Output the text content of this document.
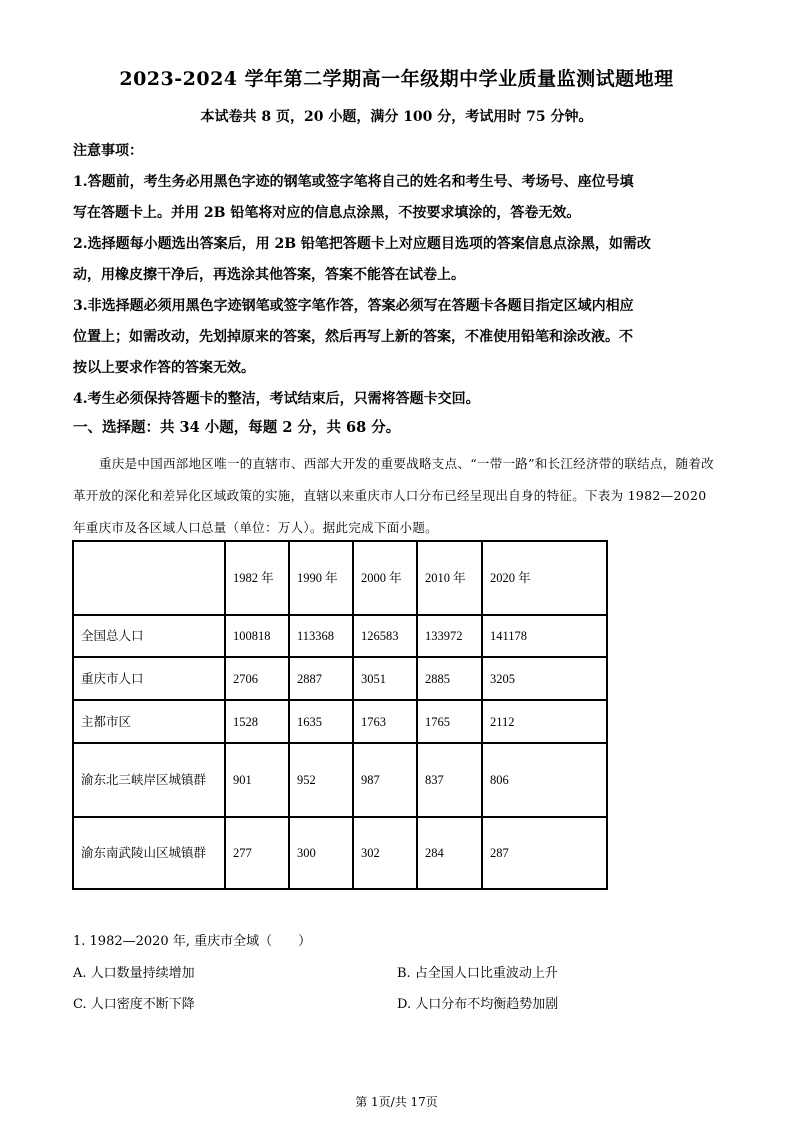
2023-2024 学年第二学期高一年级期中学业质量监测试题地理
本试卷共 8 页，20 小题，满分 100 分，考试用时 75 分钟。
注意事项：
1.答题前，考生务必用黑色字迹的钢笔或签字笔将自己的姓名和考生号、考场号、座位号填
写在答题卡上。并用 2B 铅笔将对应的信息点涂黑，不按要求填涂的，答卷无效。
2.选择题每小题选出答案后，用 2B 铅笔把答题卡上对应题目选项的答案信息点涂黑，如需改
动，用橡皮擦干净后，再选涂其他答案，答案不能答在试卷上。
3.非选择题必须用黑色字迹钢笔或签字笔作答，答案必须写在答题卡各题目指定区域内相应
位置上；如需改动，先划掉原来的答案，然后再写上新的答案，不准使用铅笔和涂改液。不
按以上要求作答的答案无效。
4.考生必须保持答题卡的整洁，考试结束后，只需将答题卡交回。
一、选择题：共 34 小题，每题 2 分，共 68 分。
重庆是中国西部地区唯一的直辖市、西部大开发的重要战略支点、“一带一路”和长江经济带的联结点，随着改革开放的深化和差异化区域政策的实施，直辖以来重庆市人口分布已经呈现出自身的特征。下表为 1982—2020 年重庆市及各区域人口总量（单位：万人）。据此完成下面小题。
	1982 年	1990 年	2000 年	2010 年	2020 年
全国总人口	100818	113368	126583	133972	141178
重庆市人口	2706	2887	3051	2885	3205
主都市区	1528	1635	1763	1765	2112
渝东北三峡岸区城镇群	901	952	987	837	806
渝东南武陵山区城镇群	277	300	302	284	287
1. 1982—2020 年, 重庆市全域（　　）
A. 人口数量持续增加	B. 占全国人口比重波动上升
C. 人口密度不断下降	D. 人口分布不均衡趋势加剧
第 1页/共 17页
